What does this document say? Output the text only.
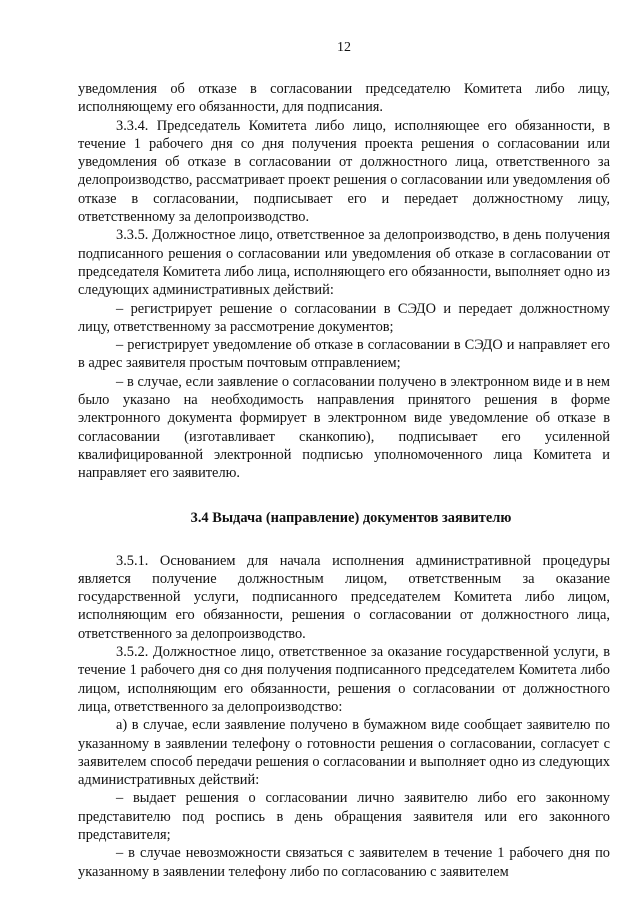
12

уведомления об отказе в согласовании председателю Комитета либо лицу, исполняющему его обязанности, для подписания.

3.3.4. Председатель Комитета либо лицо, исполняющее его обязанности, в течение 1 рабочего дня со дня получения проекта решения о согласовании или уведомления об отказе в согласовании от должностного лица, ответственного за делопроизводство, рассматривает проект решения о согласовании или уведомления об отказе в согласовании, подписывает его и передает должностному лицу, ответственному за делопроизводство.

3.3.5. Должностное лицо, ответственное за делопроизводство, в день получения подписанного решения о согласовании или уведомления об отказе в согласовании от председателя Комитета либо лица, исполняющего его обязанности, выполняет одно из следующих административных действий:

– регистрирует решение о согласовании в СЭДО и передает должностному лицу, ответственному за рассмотрение документов;

– регистрирует уведомление об отказе в согласовании в СЭДО и направляет его в адрес заявителя простым почтовым отправлением;

– в случае, если заявление о согласовании получено в электронном виде и в нем было указано на необходимость направления принятого решения в форме электронного документа формирует в электронном виде уведомление об отказе в согласовании (изготавливает сканкопию), подписывает его усиленной квалифицированной электронной подписью уполномоченного лица Комитета и направляет его заявителю.

3.4 Выдача (направление) документов заявителю

3.5.1. Основанием для начала исполнения административной процедуры является получение должностным лицом, ответственным за оказание государственной услуги, подписанного председателем Комитета либо лицом, исполняющим его обязанности, решения о согласовании от должностного лица, ответственного за делопроизводство.

3.5.2. Должностное лицо, ответственное за оказание государственной услуги, в течение 1 рабочего дня со дня получения подписанного председателем Комитета либо лицом, исполняющим его обязанности, решения о согласовании от должностного лица, ответственного за делопроизводство:

а) в случае, если заявление получено в бумажном виде сообщает заявителю по указанному в заявлении телефону о готовности решения о согласовании, согласует с заявителем способ передачи решения о согласовании и выполняет одно из следующих административных действий:

– выдает решения о согласовании лично заявителю либо его законному представителю под роспись в день обращения заявителя или его законного представителя;

– в случае невозможности связаться с заявителем в течение 1 рабочего дня по указанному в заявлении телефону либо по согласованию с заявителем
